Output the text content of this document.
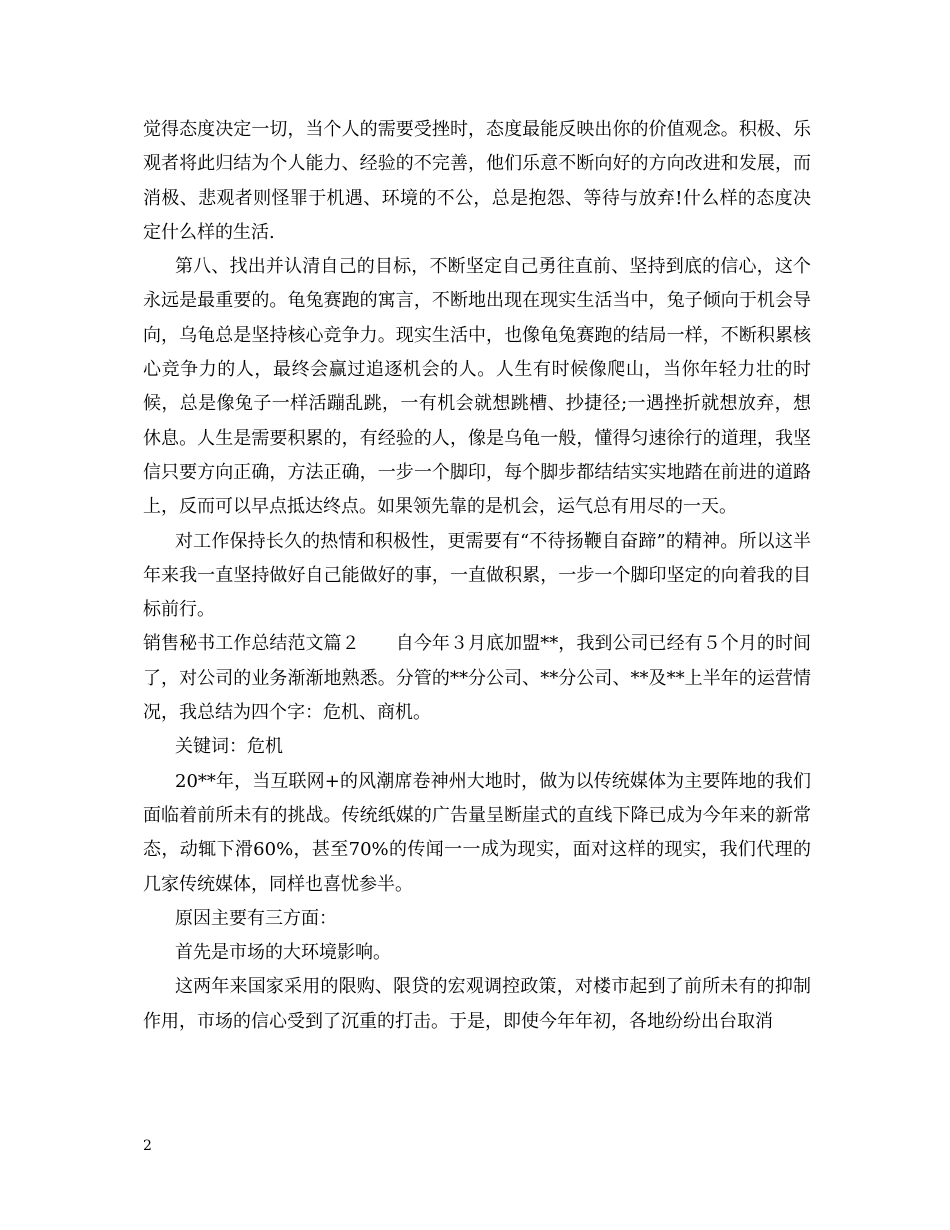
觉得态度决定一切，当个人的需要受挫时，态度最能反映出你的价值观念。积极、乐观者将此归结为个人能力、经验的不完善，他们乐意不断向好的方向改进和发展，而消极、悲观者则怪罪于机遇、环境的不公，总是抱怨、等待与放弃!什么样的态度决定什么样的生活.

第八、找出并认清自己的目标，不断坚定自己勇往直前、坚持到底的信心，这个永远是最重要的。龟兔赛跑的寓言，不断地出现在现实生活当中，兔子倾向于机会导向，乌龟总是坚持核心竞争力。现实生活中，也像龟兔赛跑的结局一样，不断积累核心竞争力的人，最终会赢过追逐机会的人。人生有时候像爬山，当你年轻力壮的时候，总是像兔子一样活蹦乱跳，一有机会就想跳槽、抄捷径;一遇挫折就想放弃，想休息。人生是需要积累的，有经验的人，像是乌龟一般，懂得匀速徐行的道理，我坚信只要方向正确，方法正确，一步一个脚印，每个脚步都结结实实地踏在前进的道路上，反而可以早点抵达终点。如果领先靠的是机会，运气总有用尽的一天。

对工作保持长久的热情和积极性，更需要有“不待扬鞭自奋蹄”的精神。所以这半年来我一直坚持做好自己能做好的事，一直做积累，一步一个脚印坚定的向着我的目标前行。

销售秘书工作总结范文篇２　　自今年３月底加盟**，我到公司已经有５个月的时间了，对公司的业务渐渐地熟悉。分管的**分公司、**分公司、**及**上半年的运营情况，我总结为四个字：危机、商机。

关键词：危机

20**年，当互联网+的风潮席卷神州大地时，做为以传统媒体为主要阵地的我们面临着前所未有的挑战。传统纸媒的广告量呈断崖式的直线下降已成为今年来的新常态，动辄下滑60%，甚至70%的传闻一一成为现实，面对这样的现实，我们代理的几家传统媒体，同样也喜忧参半。

原因主要有三方面：

首先是市场的大环境影响。

这两年来国家采用的限购、限贷的宏观调控政策，对楼市起到了前所未有的抑制作用，市场的信心受到了沉重的打击。于是，即使今年年初，各地纷纷出台取消

2
